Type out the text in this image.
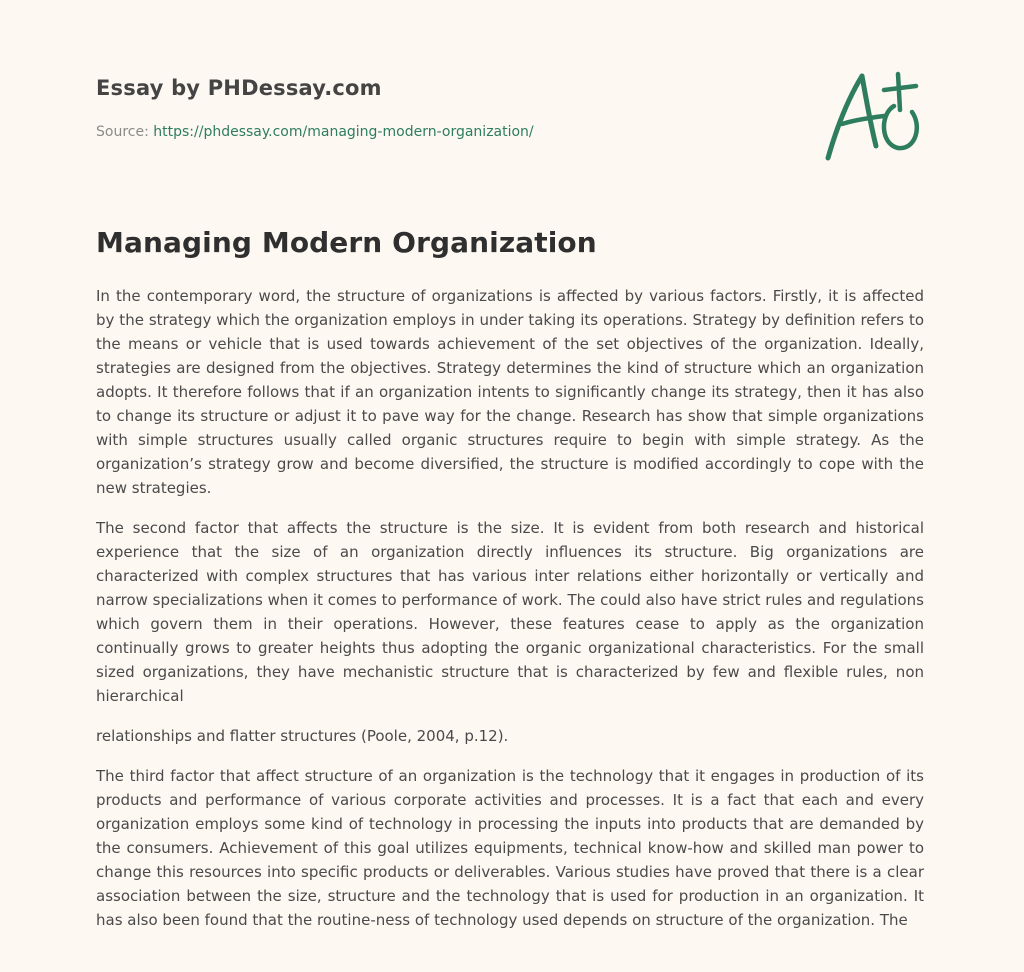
Essay by PHDessay.com
Source: https://phdessay.com/managing-modern-organization/
Managing Modern Organization

In the contemporary word, the structure of organizations is affected by various factors. Firstly, it is affected by the strategy which the organization employs in under taking its operations. Strategy by definition refers to the means or vehicle that is used towards achievement of the set objectives of the organization. Ideally, strategies are designed from the objectives. Strategy determines the kind of structure which an organization adopts. It therefore follows that if an organization intents to significantly change its strategy, then it has also to change its structure or adjust it to pave way for the change. Research has show that simple organizations with simple structures usually called organic structures require to begin with simple strategy. As the organization’s strategy grow and become diversified, the structure is modified accordingly to cope with the new strategies.

The second factor that affects the structure is the size. It is evident from both research and historical experience that the size of an organization directly influences its structure. Big organizations are characterized with complex structures that has various inter relations either horizontally or vertically and narrow specializations when it comes to performance of work. The could also have strict rules and regulations which govern them in their operations. However, these features cease to apply as the organization continually grows to greater heights thus adopting the organic organizational characteristics. For the small sized organizations, they have mechanistic structure that is characterized by few and flexible rules, non hierarchical

relationships and flatter structures (Poole, 2004, p.12).

The third factor that affect structure of an organization is the technology that it engages in production of its products and performance of various corporate activities and processes. It is a fact that each and every organization employs some kind of technology in processing the inputs into products that are demanded by the consumers. Achievement of this goal utilizes equipments, technical know-how and skilled man power to change this resources into specific products or deliverables. Various studies have proved that there is a clear association between the size, structure and the technology that is used for production in an organization. It has also been found that the routine-ness of technology used depends on structure of the organization. The
